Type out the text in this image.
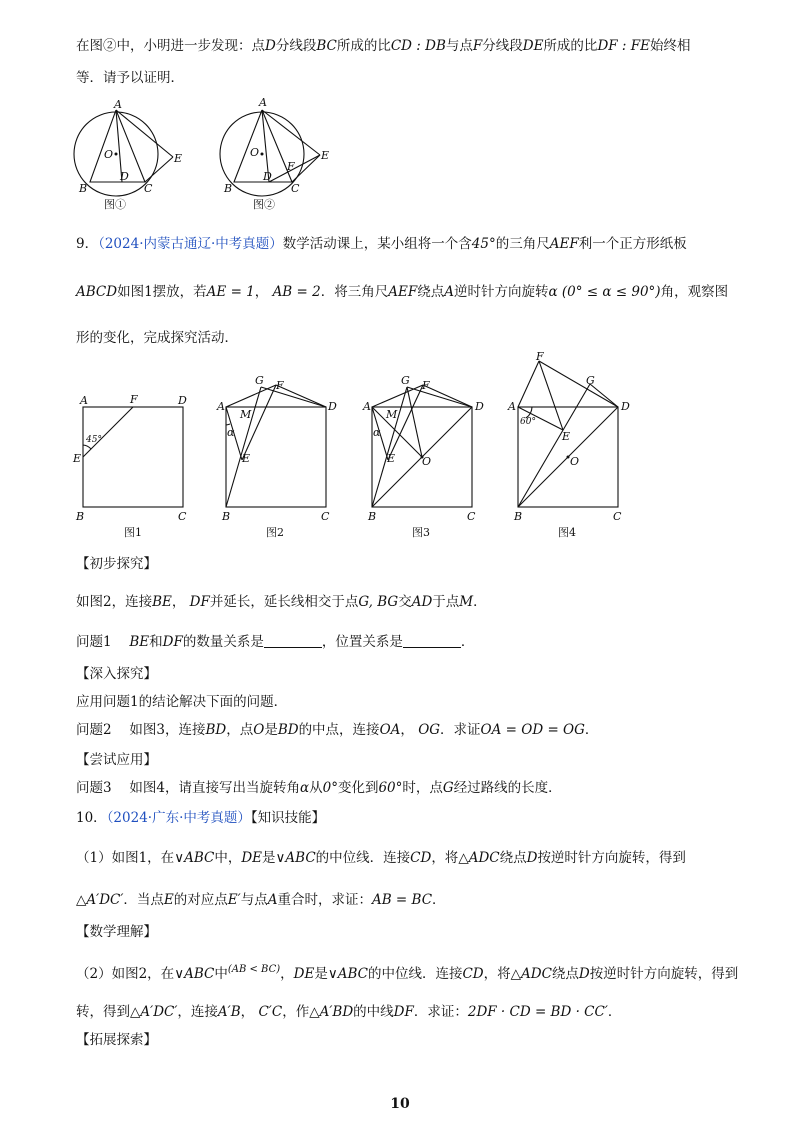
在图②中，小明进一步发现：点D分线段BC所成的比CD : DB与点F分线段DE所成的比DF : FE始终相
等．请予以证明．
A
O
B
D
C
E
图①
A
O
B
D
F
C
E
图②
9．（2024·内蒙古通辽·中考真题）数学活动课上，某小组将一个含45°的三角尺AEF利一个正方形纸板
ABCD如图1摆放，若AE = 1， AB = 2．将三角尺AEF绕点A逆时针方向旋转α (0° ≤ α ≤ 90°)角，观察图
形的变化，完成探究活动．
A	F	D
45°
E
B	C
图1
A
G F
M
α
E
D
B	C
图2
A
G F
M
α
E O
D
B	C
图3
F
G
A
60°
E
O
D
B	C
图4
【初步探究】
如图2，连接BE， DF并延长，延长线相交于点G, BG交AD于点M．
问题1　 BE和DF的数量关系是	，位置关系是	．
【深入探究】
应用问题1的结论解决下面的问题．
问题2　 如图3，连接BD，点O是BD的中点，连接OA， OG．求证OA = OD = OG．
【尝试应用】
问题3　 如图4，请直接写出当旋转角α从0°变化到60°时，点G经过路线的长度．
10．（2024·广东·中考真题）【知识技能】
（1）如图1，在∨ABC中，DE是∨ABC的中位线．连接CD，将△ADC绕点D按逆时针方向旋转，得到
△A′DC′．当点E的对应点E′与点A重合时，求证：AB = BC．
【数学理解】
（2）如图2，在∨ABC中$^{(AB < BC)}$，DE是∨ABC的中位线．连接CD，将△ADC绕点D按逆时针方向旋转，得到
转，得到△A′DC′，连接A′B， C′C，作△A′BD的中线DF．求证：2DF · CD = BD · CC′．
【拓展探索】
10
